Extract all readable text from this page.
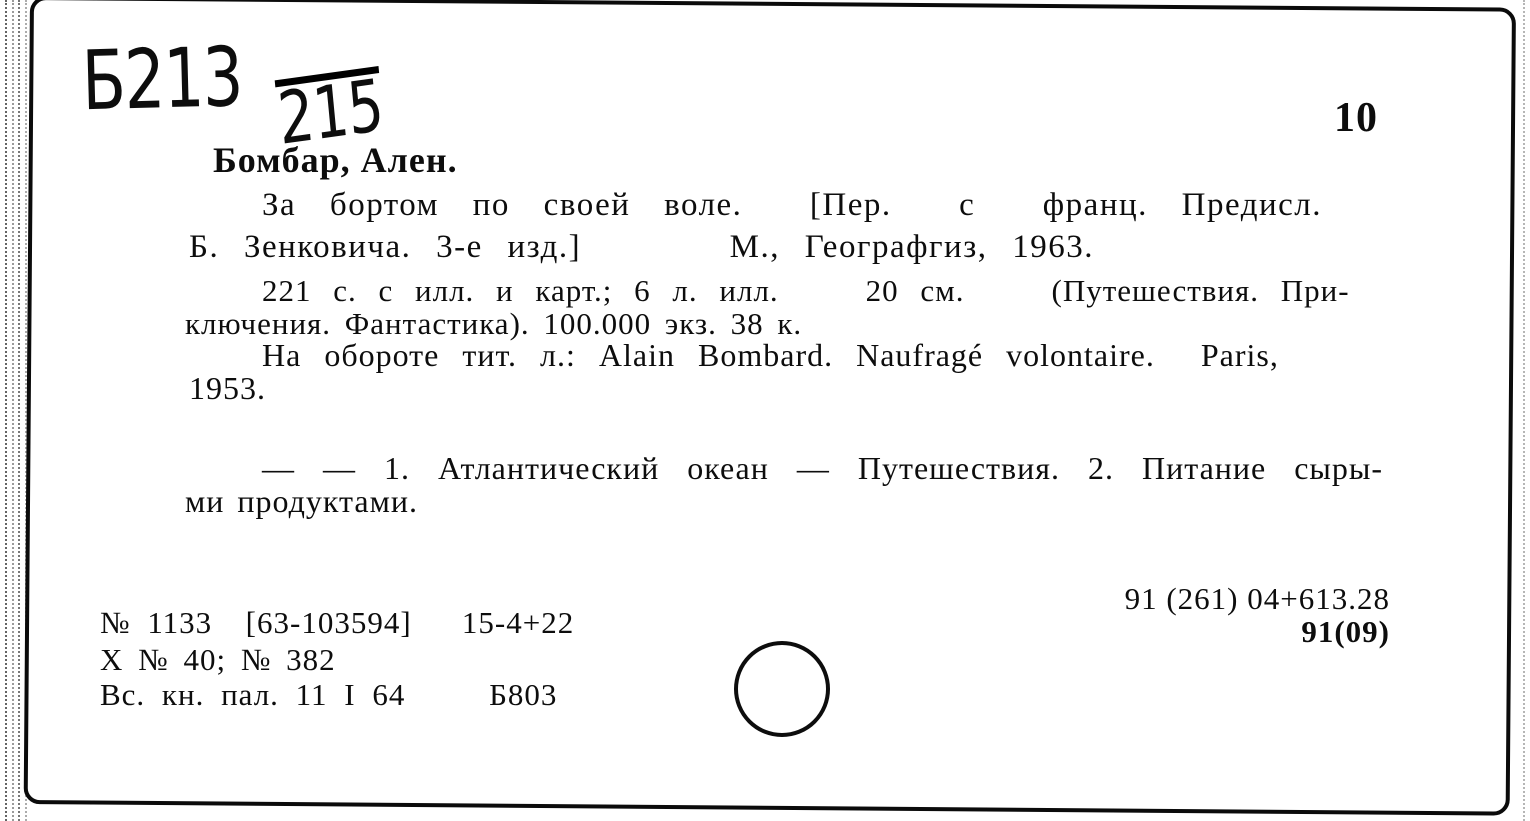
Б213 215	10
Бомбар, Ален.
За бортом по своей воле.  [Пер.  с  франц. Предисл.
Б. Зенковича. 3-е изд.]      М., Географгиз, 1963.
221 с. с илл. и карт.; 6 л. илл.    20 см.    (Путешествия. При-
ключения. Фантастика). 100.000 экз. 38 к.
На обороте тит. л.: Alain Bombard. Naufragé volontaire.  Paris,
1953.
— — 1. Атлантический океан — Путешествия. 2. Питание сыры-
ми продуктами.
91 (261) 04+613.28
91(09)
№ 1133  [63-103594]   15-4+22
Х № 40; № 382
Вс. кн. пал. 11 I 64     Б803
